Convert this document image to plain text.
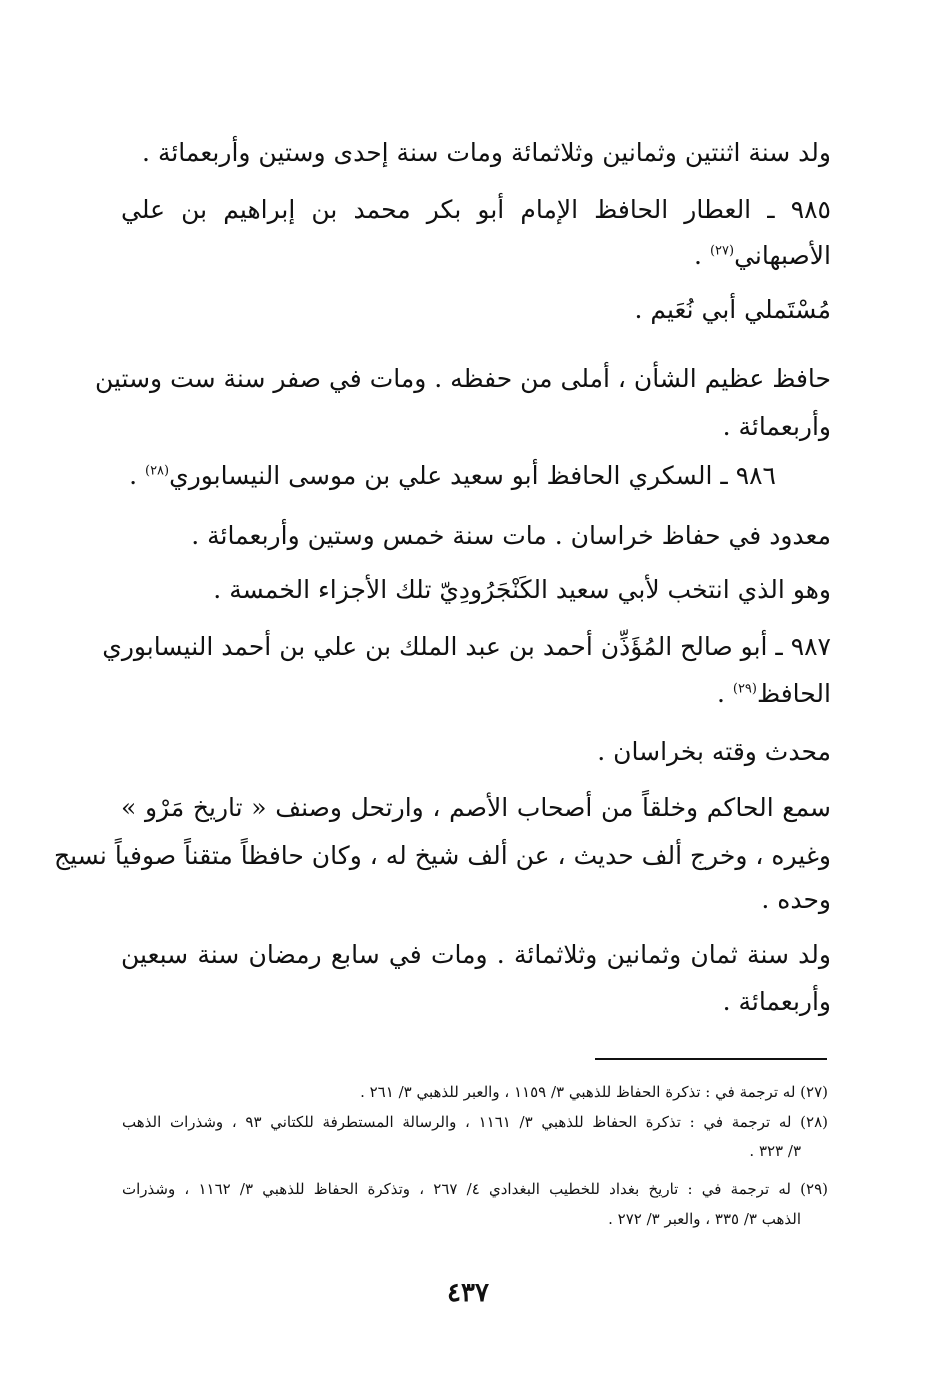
ولد سنة اثنتين وثمانين وثلاثمائة ومات سنة إحدى وستين وأربعمائة .
٩٨٥ ـ العطار الحافظ الإمام أبو بكر محمد بن إبراهيم بن علي
الأصبهاني$^{(٢٧)}$ .
مُسْتَملي أبي نُعَيم .
حافظ عظيم الشأن ، أملى من حفظه . ومات في صفر سنة ست وستين
وأربعمائة .
٩٨٦ ـ السكري الحافظ أبو سعيد علي بن موسى النيسابوري$^{(٢٨)}$ .
معدود في حفاظ خراسان . مات سنة خمس وستين وأربعمائة .
وهو الذي انتخب لأبي سعيد الكَنْجَرُودِيّ تلك الأجزاء الخمسة .
٩٨٧ ـ أبو صالح المُؤَذِّن أحمد بن عبد الملك بن علي بن أحمد النيسابوري
الحافظ$^{(٢٩)}$ .
محدث وقته بخراسان .
سمع الحاكم وخلقاً من أصحاب الأصم ، وارتحل وصنف « تاريخ مَرْو »
وغيره ، وخرج ألف حديث ، عن ألف شيخ له ، وكان حافظاً متقناً صوفياً نسيج
وحده .
ولد سنة ثمان وثمانين وثلاثمائة . ومات في سابع رمضان سنة سبعين
وأربعمائة .
(٢٧) له ترجمة في : تذكرة الحفاظ للذهبي ٣/ ١١٥٩ ، والعبر للذهبي ٣/ ٢٦١ .
(٢٨) له ترجمة في : تذكرة الحفاظ للذهبي ٣/ ١١٦١ ، والرسالة المستطرفة للكتاني ٩٣ ، وشذرات الذهب
٣/ ٣٢٣ .
(٢٩) له ترجمة في : تاريخ بغداد للخطيب البغدادي ٤/ ٢٦٧ ، وتذكرة الحفاظ للذهبي ٣/ ١١٦٢ ، وشذرات
الذهب ٣/ ٣٣٥ ، والعبر ٣/ ٢٧٢ .
٤٣٧
